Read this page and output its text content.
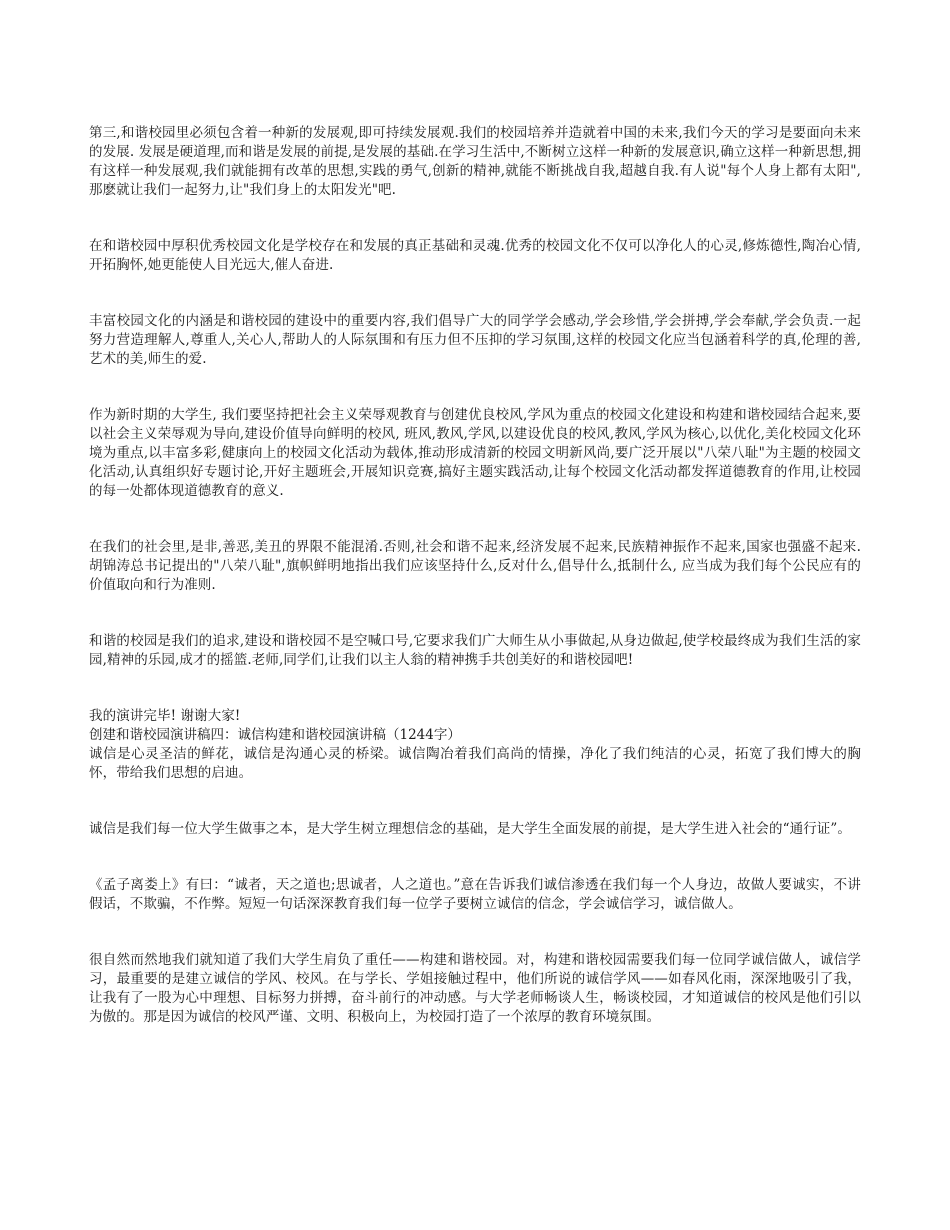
第三,和谐校园里必须包含着一种新的发展观,即可持续发展观.我们的校园培养并造就着中国的未来,我们今天的学习是要面向未来的发展. 发展是硬道理,而和谐是发展的前提,是发展的基础.在学习生活中,不断树立这样一种新的发展意识,确立这样一种新思想,拥有这样一种发展观,我们就能拥有改革的思想,实践的勇气,创新的精神,就能不断挑战自我,超越自我.有人说"每个人身上都有太阳",那麽就让我们一起努力,让"我们身上的太阳发光"吧.

在和谐校园中厚积优秀校园文化是学校存在和发展的真正基础和灵魂.优秀的校园文化不仅可以净化人的心灵,修炼德性,陶冶心情,开拓胸怀,她更能使人目光远大,催人奋进.

丰富校园文化的内涵是和谐校园的建设中的重要内容,我们倡导广大的同学学会感动,学会珍惜,学会拼搏,学会奉献,学会负责.一起努力营造理解人,尊重人,关心人,帮助人的人际氛围和有压力但不压抑的学习氛围,这样的校园文化应当包涵着科学的真,伦理的善,艺术的美,师生的爱.

作为新时期的大学生, 我们要坚持把社会主义荣辱观教育与创建优良校风,学风为重点的校园文化建设和构建和谐校园结合起来,要以社会主义荣辱观为导向,建设价值导向鲜明的校风, 班风,教风,学风,以建设优良的校风,教风,学风为核心,以优化,美化校园文化环境为重点,以丰富多彩,健康向上的校园文化活动为载体,推动形成清新的校园文明新风尚,要广泛开展以"八荣八耻"为主题的校园文化活动,认真组织好专题讨论,开好主题班会,开展知识竞赛,搞好主题实践活动,让每个校园文化活动都发挥道德教育的作用,让校园的每一处都体现道德教育的意义.

在我们的社会里,是非,善恶,美丑的界限不能混淆.否则,社会和谐不起来,经济发展不起来,民族精神振作不起来,国家也强盛不起来.胡锦涛总书记提出的"八荣八耻",旗帜鲜明地指出我们应该坚持什么,反对什么,倡导什么,抵制什么, 应当成为我们每个公民应有的价值取向和行为准则.

和谐的校园是我们的追求,建设和谐校园不是空喊口号,它要求我们广大师生从小事做起,从身边做起,使学校最终成为我们生活的家园,精神的乐园,成才的摇篮.老师,同学们,让我们以主人翁的精神携手共创美好的和谐校园吧!

我的演讲完毕! 谢谢大家!

创建和谐校园演讲稿四：诚信构建和谐校园演讲稿（1244字）

诚信是心灵圣洁的鲜花，诚信是沟通心灵的桥梁。诚信陶冶着我们高尚的情操，净化了我们纯洁的心灵，拓宽了我们博大的胸怀，带给我们思想的启迪。

诚信是我们每一位大学生做事之本，是大学生树立理想信念的基础，是大学生全面发展的前提，是大学生进入社会的“通行证”。

《孟子离娄上》有曰：“诚者，天之道也;思诚者，人之道也。”意在告诉我们诚信渗透在我们每一个人身边，故做人要诚实，不讲假话，不欺骗，不作弊。短短一句话深深教育我们每一位学子要树立诚信的信念，学会诚信学习，诚信做人。

很自然而然地我们就知道了我们大学生肩负了重任——构建和谐校园。对，构建和谐校园需要我们每一位同学诚信做人，诚信学习，最重要的是建立诚信的学风、校风。在与学长、学姐接触过程中，他们所说的诚信学风——如春风化雨，深深地吸引了我，让我有了一股为心中理想、目标努力拼搏，奋斗前行的冲动感。与大学老师畅谈人生，畅谈校园，才知道诚信的校风是他们引以为傲的。那是因为诚信的校风严谨、文明、积极向上，为校园打造了一个浓厚的教育环境氛围。
